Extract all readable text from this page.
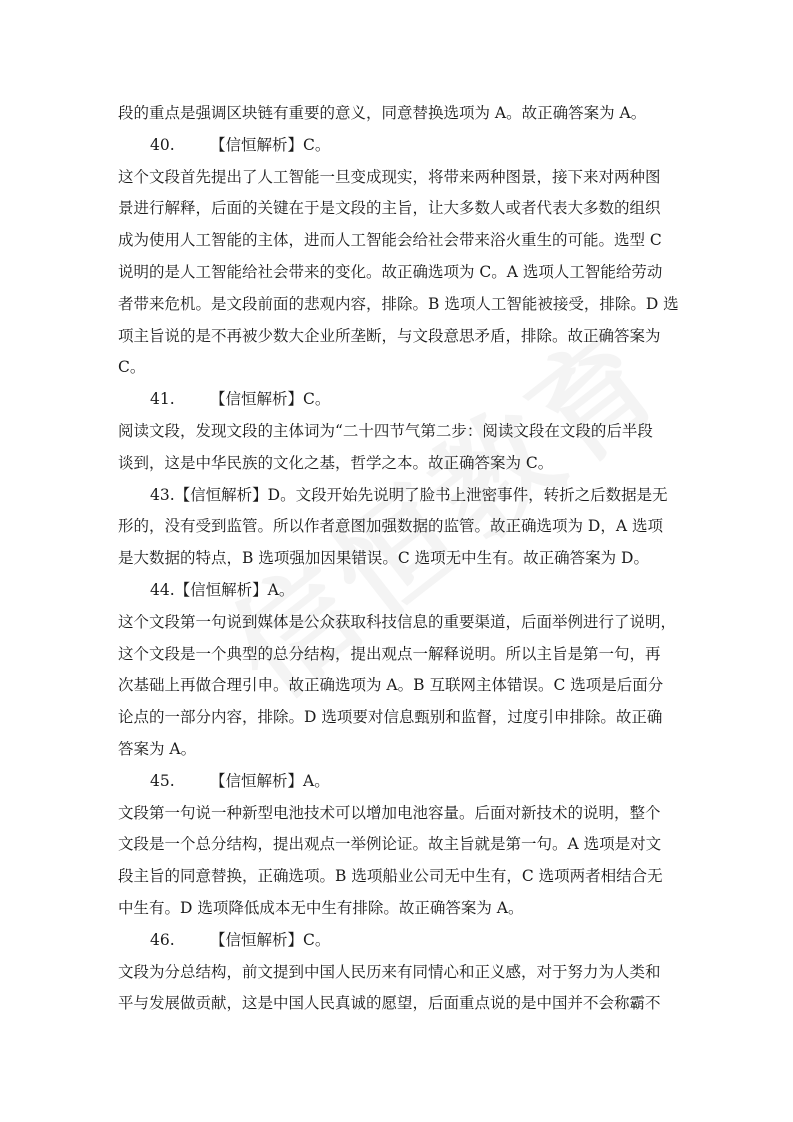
段的重点是强调区块链有重要的意义，同意替换选项为 A。故正确答案为 A。
40. 【信恒解析】C。
这个文段首先提出了人工智能一旦变成现实，将带来两种图景，接下来对两种图
景进行解释，后面的关键在于是文段的主旨，让大多数人或者代表大多数的组织
成为使用人工智能的主体，进而人工智能会给社会带来浴火重生的可能。选型 C
说明的是人工智能给社会带来的变化。故正确选项为 C。A 选项人工智能给劳动
者带来危机。是文段前面的悲观内容，排除。B 选项人工智能被接受，排除。D 选
项主旨说的是不再被少数大企业所垄断，与文段意思矛盾，排除。故正确答案为
C。
41. 【信恒解析】C。
阅读文段，发现文段的主体词为“二十四节气第二步：阅读文段在文段的后半段
谈到，这是中华民族的文化之基，哲学之本。故正确答案为 C。
43.【信恒解析】D。文段开始先说明了脸书上泄密事件，转折之后数据是无
形的，没有受到监管。所以作者意图加强数据的监管。故正确选项为 D，A 选项
是大数据的特点，B 选项强加因果错误。C 选项无中生有。故正确答案为 D。
44.【信恒解析】A。
这个文段第一句说到媒体是公众获取科技信息的重要渠道，后面举例进行了说明，
这个文段是一个典型的总分结构，提出观点一解释说明。所以主旨是第一句，再
次基础上再做合理引申。故正确选项为 A。B 互联网主体错误。C 选项是后面分
论点的一部分内容，排除。D 选项要对信息甄别和监督，过度引申排除。故正确
答案为 A。
45. 【信恒解析】A。
文段第一句说一种新型电池技术可以增加电池容量。后面对新技术的说明，整个
文段是一个总分结构，提出观点一举例论证。故主旨就是第一句。A 选项是对文
段主旨的同意替换，正确选项。B 选项船业公司无中生有，C 选项两者相结合无
中生有。D 选项降低成本无中生有排除。故正确答案为 A。
46. 【信恒解析】C。
文段为分总结构，前文提到中国人民历来有同情心和正义感，对于努力为人类和
平与发展做贡献，这是中国人民真诚的愿望，后面重点说的是中国并不会称霸不
